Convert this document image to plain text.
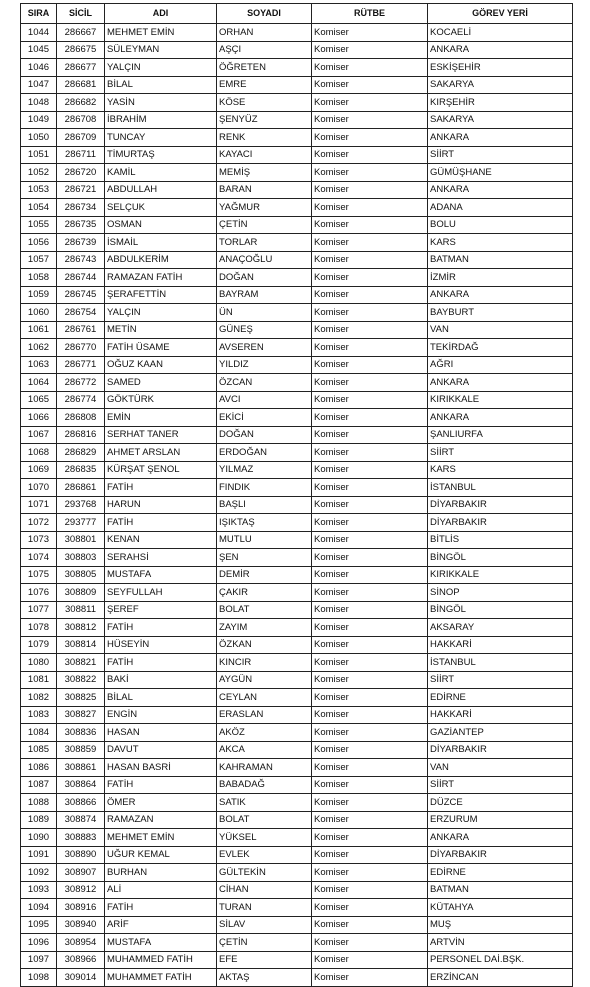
SIRA	SİCİL	ADI	SOYADI	RÜTBE	GÖREV YERİ
1044	286667	MEHMET EMİN	ORHAN	Komiser	KOCAELİ
1045	286675	SÜLEYMAN	AŞÇI	Komiser	ANKARA
1046	286677	YALÇIN	ÖĞRETEN	Komiser	ESKİŞEHİR
1047	286681	BİLAL	EMRE	Komiser	SAKARYA
1048	286682	YASİN	KÖSE	Komiser	KIRŞEHİR
1049	286708	İBRAHİM	ŞENYÜZ	Komiser	SAKARYA
1050	286709	TUNCAY	RENK	Komiser	ANKARA
1051	286711	TİMURTAŞ	KAYACI	Komiser	SİİRT
1052	286720	KAMİL	MEMİŞ	Komiser	GÜMÜŞHANE
1053	286721	ABDULLAH	BARAN	Komiser	ANKARA
1054	286734	SELÇUK	YAĞMUR	Komiser	ADANA
1055	286735	OSMAN	ÇETİN	Komiser	BOLU
1056	286739	İSMAİL	TORLAR	Komiser	KARS
1057	286743	ABDULKERİM	ANAÇOĞLU	Komiser	BATMAN
1058	286744	RAMAZAN FATİH	DOĞAN	Komiser	İZMİR
1059	286745	ŞERAFETTİN	BAYRAM	Komiser	ANKARA
1060	286754	YALÇIN	ÜN	Komiser	BAYBURT
1061	286761	METİN	GÜNEŞ	Komiser	VAN
1062	286770	FATİH ÜSAME	AVSEREN	Komiser	TEKİRDAĞ
1063	286771	OĞUZ KAAN	YILDIZ	Komiser	AĞRI
1064	286772	SAMED	ÖZCAN	Komiser	ANKARA
1065	286774	GÖKTÜRK	AVCI	Komiser	KIRIKKALE
1066	286808	EMİN	EKİCİ	Komiser	ANKARA
1067	286816	SERHAT TANER	DOĞAN	Komiser	ŞANLIURFA
1068	286829	AHMET ARSLAN	ERDOĞAN	Komiser	SİİRT
1069	286835	KÜRŞAT ŞENOL	YILMAZ	Komiser	KARS
1070	286861	FATİH	FINDIK	Komiser	İSTANBUL
1071	293768	HARUN	BAŞLI	Komiser	DİYARBAKIR
1072	293777	FATİH	IŞIKTAŞ	Komiser	DİYARBAKIR
1073	308801	KENAN	MUTLU	Komiser	BİTLİS
1074	308803	SERAHSİ	ŞEN	Komiser	BİNGÖL
1075	308805	MUSTAFA	DEMİR	Komiser	KIRIKKALE
1076	308809	SEYFULLAH	ÇAKIR	Komiser	SİNOP
1077	308811	ŞEREF	BOLAT	Komiser	BİNGÖL
1078	308812	FATİH	ZAYIM	Komiser	AKSARAY
1079	308814	HÜSEYİN	ÖZKAN	Komiser	HAKKARİ
1080	308821	FATİH	KINCIR	Komiser	İSTANBUL
1081	308822	BAKİ	AYGÜN	Komiser	SİİRT
1082	308825	BİLAL	CEYLAN	Komiser	EDİRNE
1083	308827	ENGİN	ERASLAN	Komiser	HAKKARİ
1084	308836	HASAN	AKÖZ	Komiser	GAZİANTEP
1085	308859	DAVUT	AKCA	Komiser	DİYARBAKIR
1086	308861	HASAN BASRİ	KAHRAMAN	Komiser	VAN
1087	308864	FATİH	BABADAĞ	Komiser	SİİRT
1088	308866	ÖMER	SATIK	Komiser	DÜZCE
1089	308874	RAMAZAN	BOLAT	Komiser	ERZURUM
1090	308883	MEHMET EMİN	YÜKSEL	Komiser	ANKARA
1091	308890	UĞUR KEMAL	EVLEK	Komiser	DİYARBAKIR
1092	308907	BURHAN	GÜLTEKİN	Komiser	EDİRNE
1093	308912	ALİ	CİHAN	Komiser	BATMAN
1094	308916	FATİH	TURAN	Komiser	KÜTAHYA
1095	308940	ARİF	SİLAV	Komiser	MUŞ
1096	308954	MUSTAFA	ÇETİN	Komiser	ARTVİN
1097	308966	MUHAMMED FATİH	EFE	Komiser	PERSONEL DAİ.BŞK.
1098	309014	MUHAMMET FATİH	AKTAŞ	Komiser	ERZİNCAN
